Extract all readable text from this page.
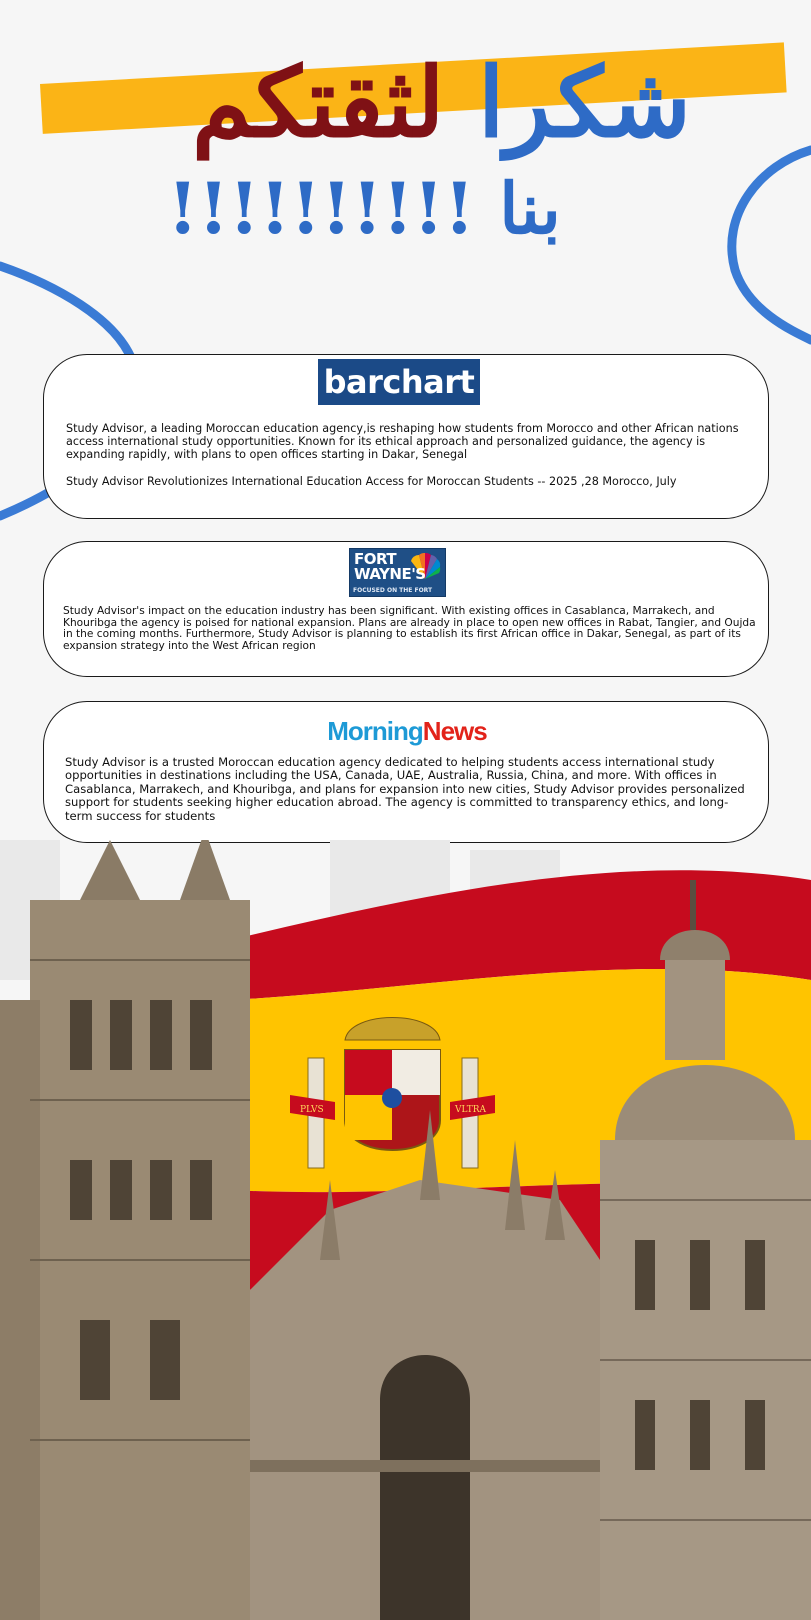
شكرا لثقتكم
بنا !!!!!!!!!!
barchart

Study Advisor, a leading Moroccan education agency,is reshaping how students from Morocco and other African nations access international study opportunities. Known for its ethical approach and personalized guidance, the agency is expanding rapidly, with plans to open offices starting in Dakar, Senegal

Study Advisor Revolutionizes International Education Access for Moroccan Students -- 2025 ,28 Morocco, July

FORT
WAYNE'S
FOCUSED ON THE FORT

Study Advisor's impact on the education industry has been significant. With existing offices in Casablanca, Marrakech, and Khouribga the agency is poised for national expansion. Plans are already in place to open new offices in Rabat, Tangier, and Oujda in the coming months. Furthermore, Study Advisor is planning to establish its first African office in Dakar, Senegal, as part of its expansion strategy into the West African region

MorningNews

Study Advisor is a trusted Moroccan education agency dedicated to helping students access international study opportunities in destinations including the USA, Canada, UAE, Australia, Russia, China, and more. With offices in Casablanca, Marrakech, and Khouribga, and plans for expansion into new cities, Study Advisor provides personalized support for students seeking higher education abroad. The agency is committed to transparency ethics, and long-term success for students

PLVS	VLTRA
